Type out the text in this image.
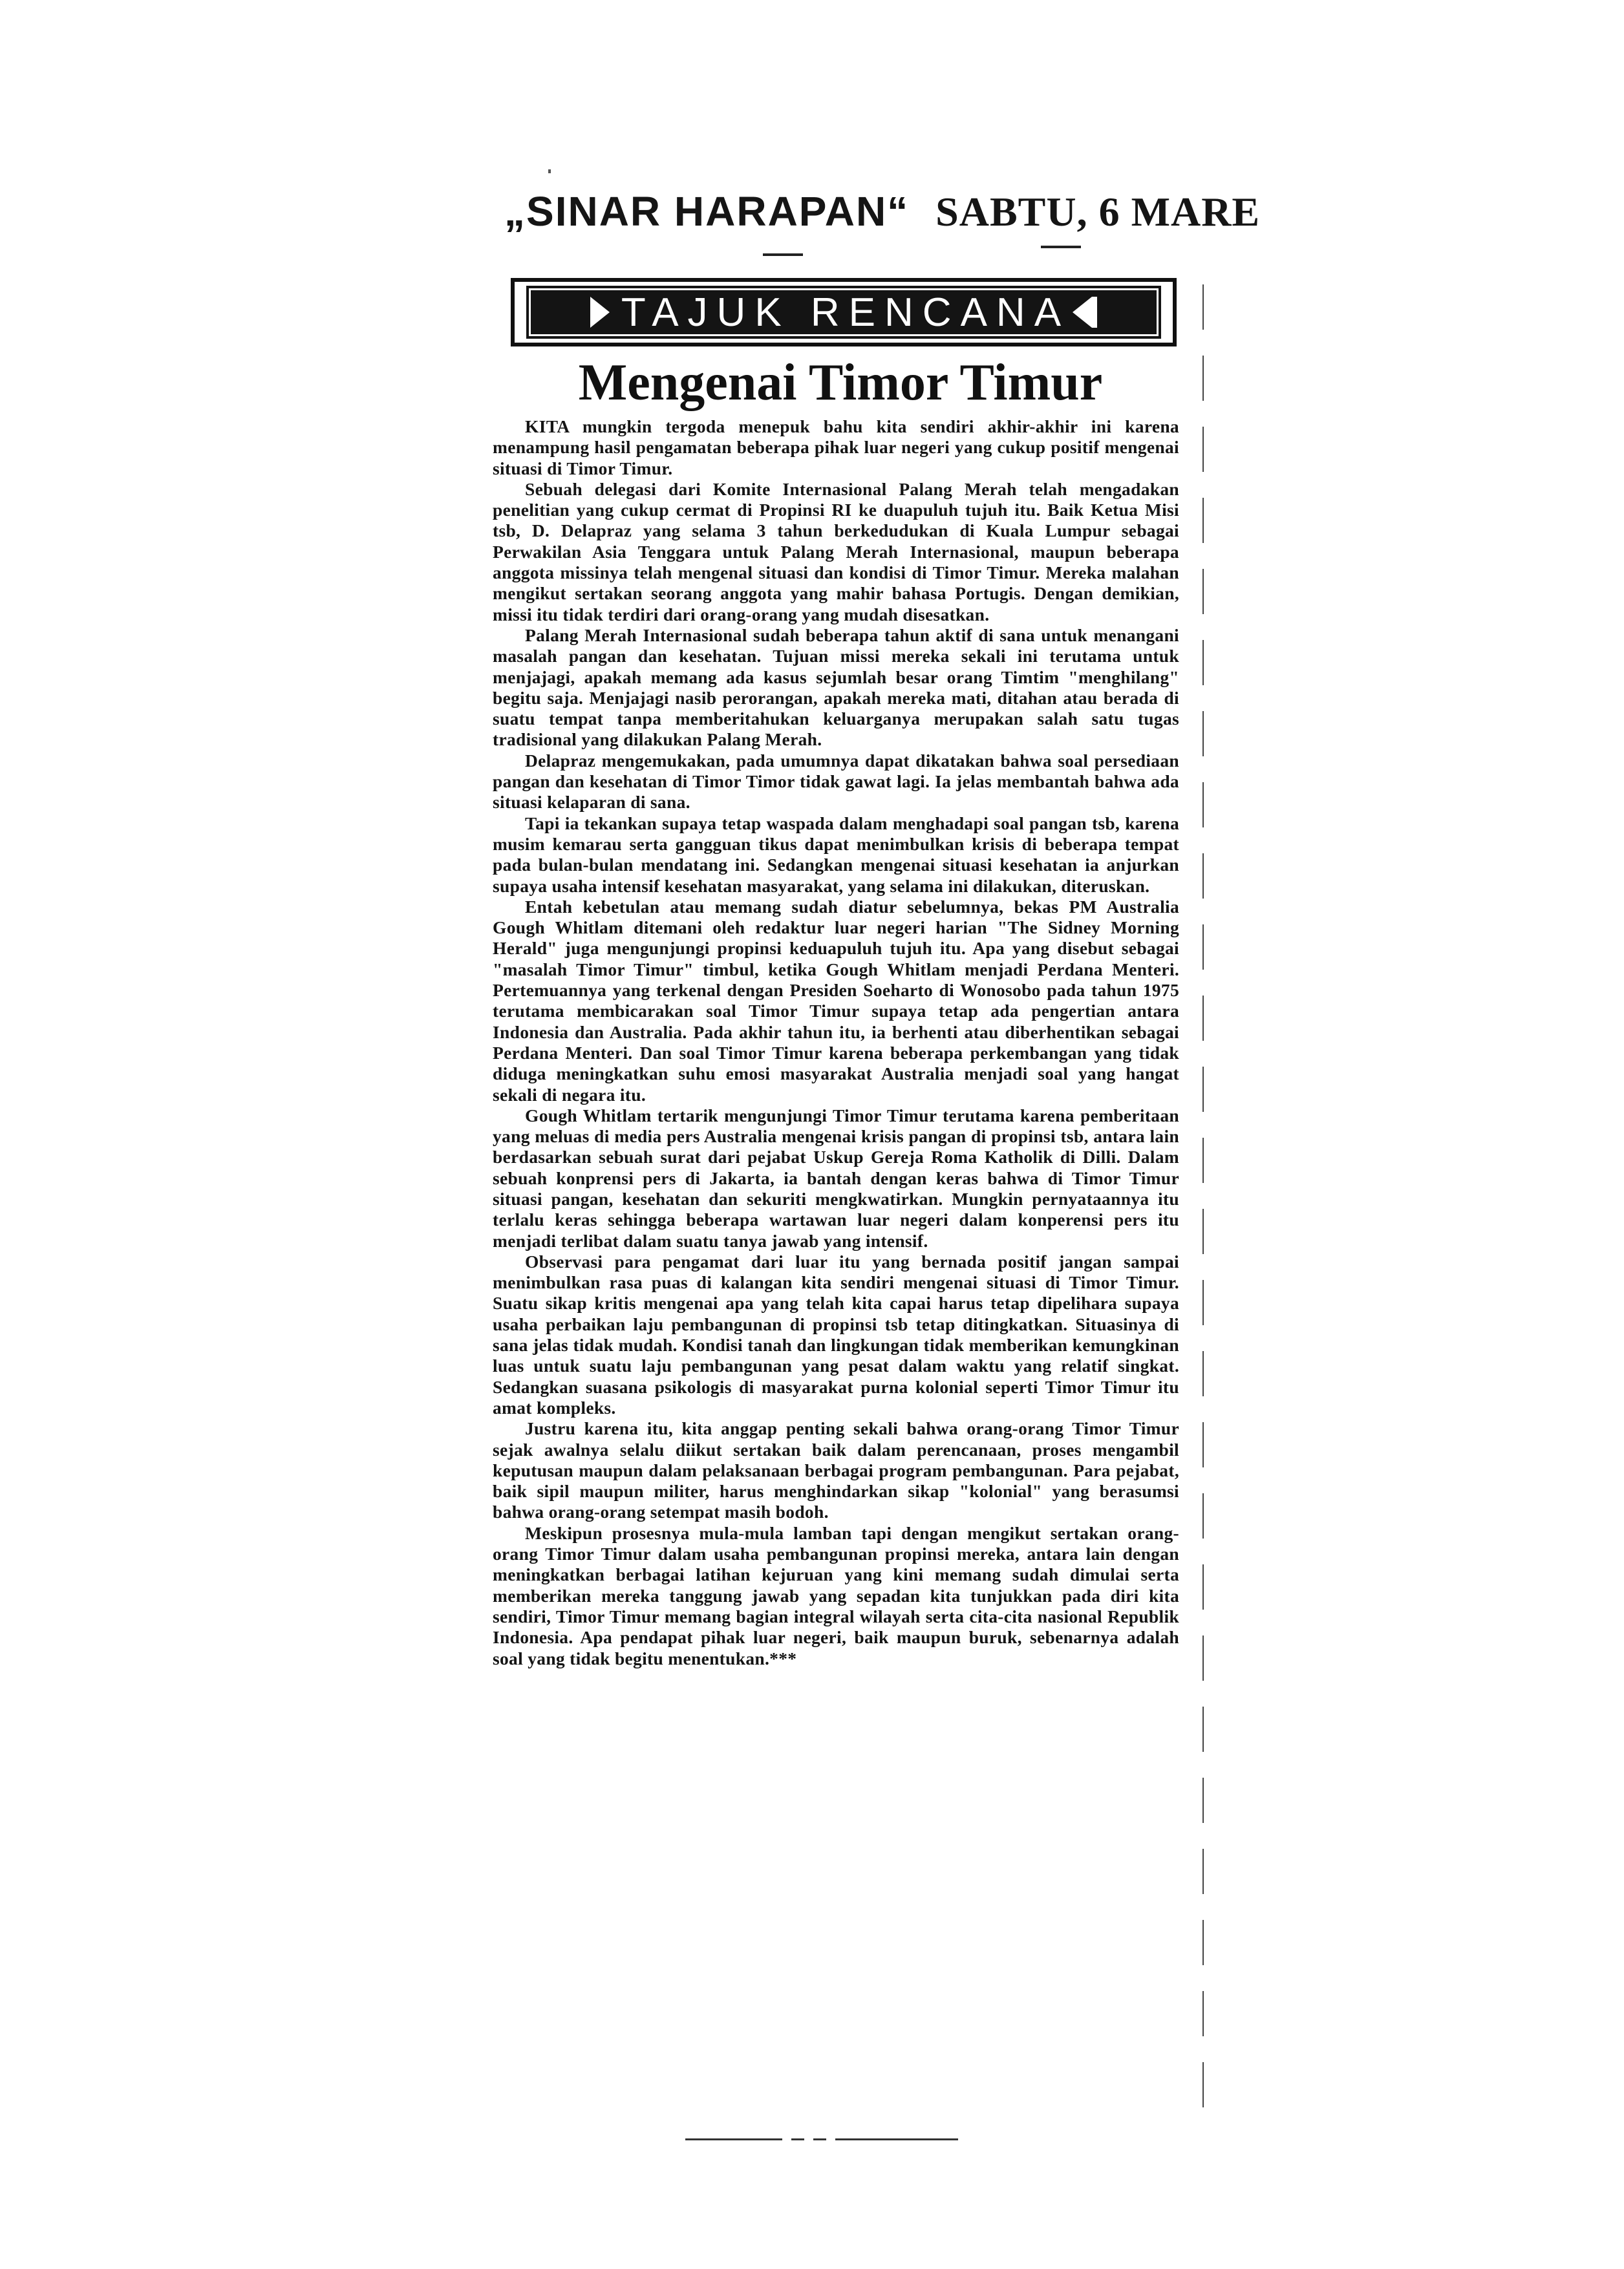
„SINAR HARAPAN“ SABTU, 6 MARE
TAJUK RENCANA
Mengenai Timor Timur

KITA mungkin tergoda menepuk bahu kita sendiri akhir-akhir ini karena menampung hasil pengamatan beberapa pihak luar negeri yang cukup positif mengenai situasi di Timor Timur.

Sebuah delegasi dari Komite Internasional Palang Merah telah mengadakan penelitian yang cukup cermat di Propinsi RI ke duapuluh tujuh itu. Baik Ketua Misi tsb, D. Delapraz yang selama 3 tahun berkedudukan di Kuala Lumpur sebagai Perwakilan Asia Tenggara untuk Palang Merah Internasional, maupun beberapa anggota missinya telah mengenal situasi dan kondisi di Timor Timur. Mereka malahan mengikut sertakan seorang anggota yang mahir bahasa Portugis. Dengan demikian, missi itu tidak terdiri dari orang-orang yang mudah disesatkan.

Palang Merah Internasional sudah beberapa tahun aktif di sana untuk menangani masalah pangan dan kesehatan. Tujuan missi mereka sekali ini terutama untuk menjajagi, apakah memang ada kasus sejumlah besar orang Timtim "menghilang" begitu saja. Menjajagi nasib perorangan, apakah mereka mati, ditahan atau berada di suatu tempat tanpa memberitahukan keluarganya merupakan salah satu tugas tradisional yang dilakukan Palang Merah.

Delapraz mengemukakan, pada umumnya dapat dikatakan bahwa soal persediaan pangan dan kesehatan di Timor Timor tidak gawat lagi. Ia jelas membantah bahwa ada situasi kelaparan di sana.

Tapi ia tekankan supaya tetap waspada dalam menghadapi soal pangan tsb, karena musim kemarau serta gangguan tikus dapat menimbulkan krisis di beberapa tempat pada bulan-bulan mendatang ini. Sedangkan mengenai situasi kesehatan ia anjurkan supaya usaha intensif kesehatan masyarakat, yang selama ini dilakukan, diteruskan.

Entah kebetulan atau memang sudah diatur sebelumnya, bekas PM Australia Gough Whitlam ditemani oleh redaktur luar negeri harian "The Sidney Morning Herald" juga mengunjungi propinsi keduapuluh tujuh itu. Apa yang disebut sebagai "masalah Timor Timur" timbul, ketika Gough Whitlam menjadi Perdana Menteri. Pertemuannya yang terkenal dengan Presiden Soeharto di Wonosobo pada tahun 1975 terutama membicarakan soal Timor Timur supaya tetap ada pengertian antara Indonesia dan Australia. Pada akhir tahun itu, ia berhenti atau diberhentikan sebagai Perdana Menteri. Dan soal Timor Timur karena beberapa perkembangan yang tidak diduga meningkatkan suhu emosi masyarakat Australia menjadi soal yang hangat sekali di negara itu.

Gough Whitlam tertarik mengunjungi Timor Timur terutama karena pemberitaan yang meluas di media pers Australia mengenai krisis pangan di propinsi tsb, antara lain berdasarkan sebuah surat dari pejabat Uskup Gereja Roma Katholik di Dilli. Dalam sebuah konprensi pers di Jakarta, ia bantah dengan keras bahwa di Timor Timur situasi pangan, kesehatan dan sekuriti mengkwatirkan. Mungkin pernyataannya itu terlalu keras sehingga beberapa wartawan luar negeri dalam konperensi pers itu menjadi terlibat dalam suatu tanya jawab yang intensif.

Observasi para pengamat dari luar itu yang bernada positif jangan sampai menimbulkan rasa puas di kalangan kita sendiri mengenai situasi di Timor Timur. Suatu sikap kritis mengenai apa yang telah kita capai harus tetap dipelihara supaya usaha perbaikan laju pembangunan di propinsi tsb tetap ditingkatkan. Situasinya di sana jelas tidak mudah. Kondisi tanah dan lingkungan tidak memberikan kemungkinan luas untuk suatu laju pembangunan yang pesat dalam waktu yang relatif singkat. Sedangkan suasana psikologis di masyarakat purna kolonial seperti Timor Timur itu amat kompleks.

Justru karena itu, kita anggap penting sekali bahwa orang-orang Timor Timur sejak awalnya selalu diikut sertakan baik dalam perencanaan, proses mengambil keputusan maupun dalam pelaksanaan berbagai program pembangunan. Para pejabat, baik sipil maupun militer, harus menghindarkan sikap "kolonial" yang berasumsi bahwa orang-orang setempat masih bodoh.

Meskipun prosesnya mula-mula lamban tapi dengan mengikut sertakan orang-orang Timor Timur dalam usaha pembangunan propinsi mereka, antara lain dengan meningkatkan berbagai latihan kejuruan yang kini memang sudah dimulai serta memberikan mereka tanggung jawab yang sepadan kita tunjukkan pada diri kita sendiri, Timor Timur memang bagian integral wilayah serta cita-cita nasional Republik Indonesia. Apa pendapat pihak luar negeri, baik maupun buruk, sebenarnya adalah soal yang tidak begitu menentukan.***
